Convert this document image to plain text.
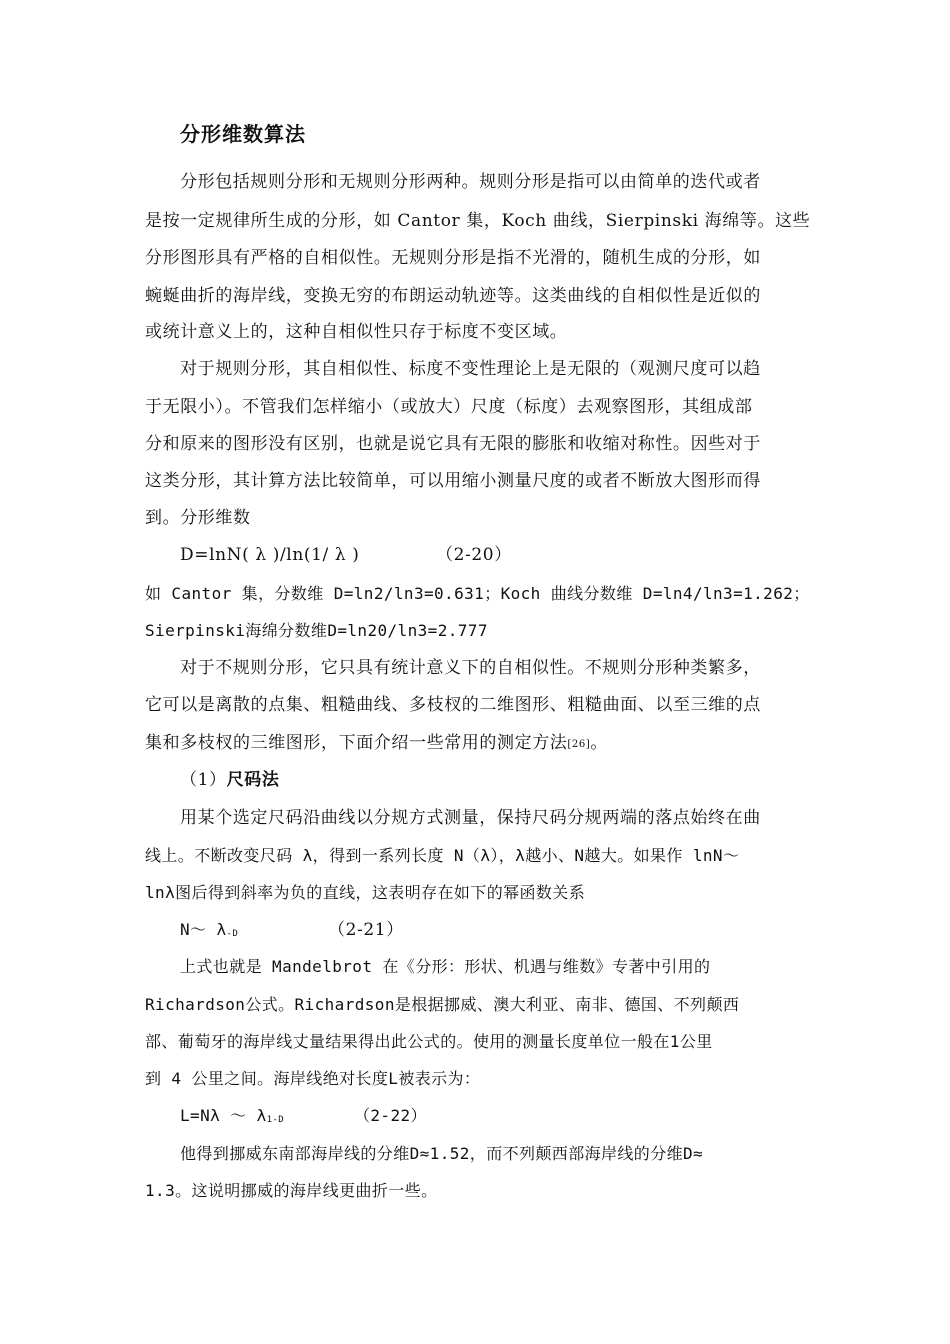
分形维数算法
分形包括规则分形和无规则分形两种。规则分形是指可以由简单的迭代或者
是按一定规律所生成的分形，如 Cantor 集，Koch 曲线，Sierpinski 海绵等。这些
分形图形具有严格的自相似性。无规则分形是指不光滑的，随机生成的分形，如
蜿蜒曲折的海岸线，变换无穷的布朗运动轨迹等。这类曲线的自相似性是近似的
或统计意义上的，这种自相似性只存于标度不变区域。
对于规则分形，其自相似性、标度不变性理论上是无限的（观测尺度可以趋
于无限小）。不管我们怎样缩小（或放大）尺度（标度）去观察图形，其组成部
分和原来的图形没有区别，也就是说它具有无限的膨胀和收缩对称性。因些对于
这类分形，其计算方法比较简单，可以用缩小测量尺度的或者不断放大图形而得
到。分形维数
D=lnN( λ )/ln(1/ λ )	（2-20）
如 Cantor 集，分数维 D=ln2/ln3=0.631；Koch 曲线分数维 D=ln4/ln3=1.262；
Sierpinski海绵分数维D=ln20/ln3=2.777
对于不规则分形，它只具有统计意义下的自相似性。不规则分形种类繁多，
它可以是离散的点集、粗糙曲线、多枝杈的二维图形、粗糙曲面、以至三维的点
集和多枝杈的三维图形，下面介绍一些常用的测定方法[26]。
（1）尺码法
用某个选定尺码沿曲线以分规方式测量，保持尺码分规两端的落点始终在曲
线上。不断改变尺码 λ，得到一系列长度 N（λ），λ越小、N越大。如果作 lnN～
lnλ图后得到斜率为负的直线，这表明存在如下的幂函数关系
N～ λ-D	（2-21）
上式也就是 Mandelbrot 在《分形：形状、机遇与维数》专著中引用的
Richardson公式。Richardson是根据挪威、澳大利亚、南非、德国、不列颠西
部、葡萄牙的海岸线丈量结果得出此公式的。使用的测量长度单位一般在1公里
到 4 公里之间。海岸线绝对长度L被表示为：
L=Nλ ～ λ1-D	（2-22）
他得到挪威东南部海岸线的分维D≈1.52，而不列颠西部海岸线的分维D≈
1.3。这说明挪威的海岸线更曲折一些。
